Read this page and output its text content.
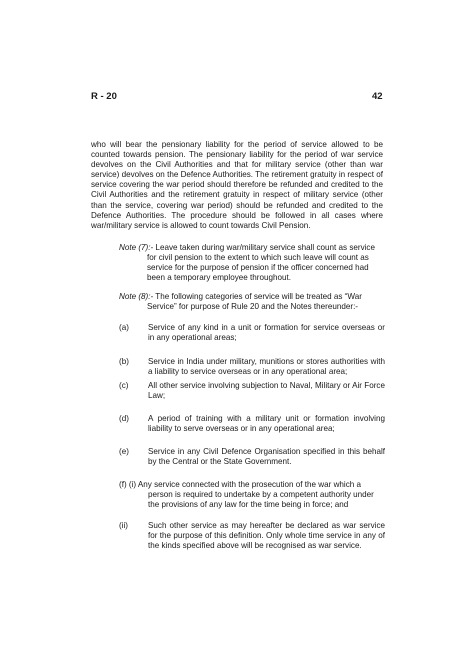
R - 20	42

who will bear the pensionary liability for the period of service allowed to be counted towards pension. The pensionary liability for the period of war service devolves on the Civil Authorities and that for military service (other than war service) devolves on the Defence Authorities. The retirement gratuity in respect of service covering the war period should therefore be refunded and credited to the Civil Authorities and the retirement gratuity in respect of military service (other than the service, covering war period) should be refunded and credited to the Defence Authorities. The procedure should be followed in all cases where war/military service is allowed to count towards Civil Pension.

Note (7):- Leave taken during war/military service shall count as service
for civil pension to the extent to which such leave will count as service for the purpose of pension if the officer concerned had been a temporary employee throughout.

Note (8):- The following categories of service will be treated as “War
Service” for purpose of Rule 20 and the Notes thereunder:-

(a) Service of any kind in a unit or formation for service overseas or in any operational areas;
(b) Service in India under military, munitions or stores authorities with a liability to service overseas or in any operational area;
(c) All other service involving subjection to Naval, Military or Air Force Law;
(d) A period of training with a military unit or formation involving liability to serve overseas or in any operational area;
(e) Service in any Civil Defence Organisation specified in this behalf by the Central or the State Government.
(f) (i) Any service connected with the prosecution of the war which a
person is required to undertake by a competent authority under the provisions of any law for the time being in force; and
(ii) Such other service as may hereafter be declared as war service for the purpose of this definition. Only whole time service in any of the kinds specified above will be recognised as war service.
